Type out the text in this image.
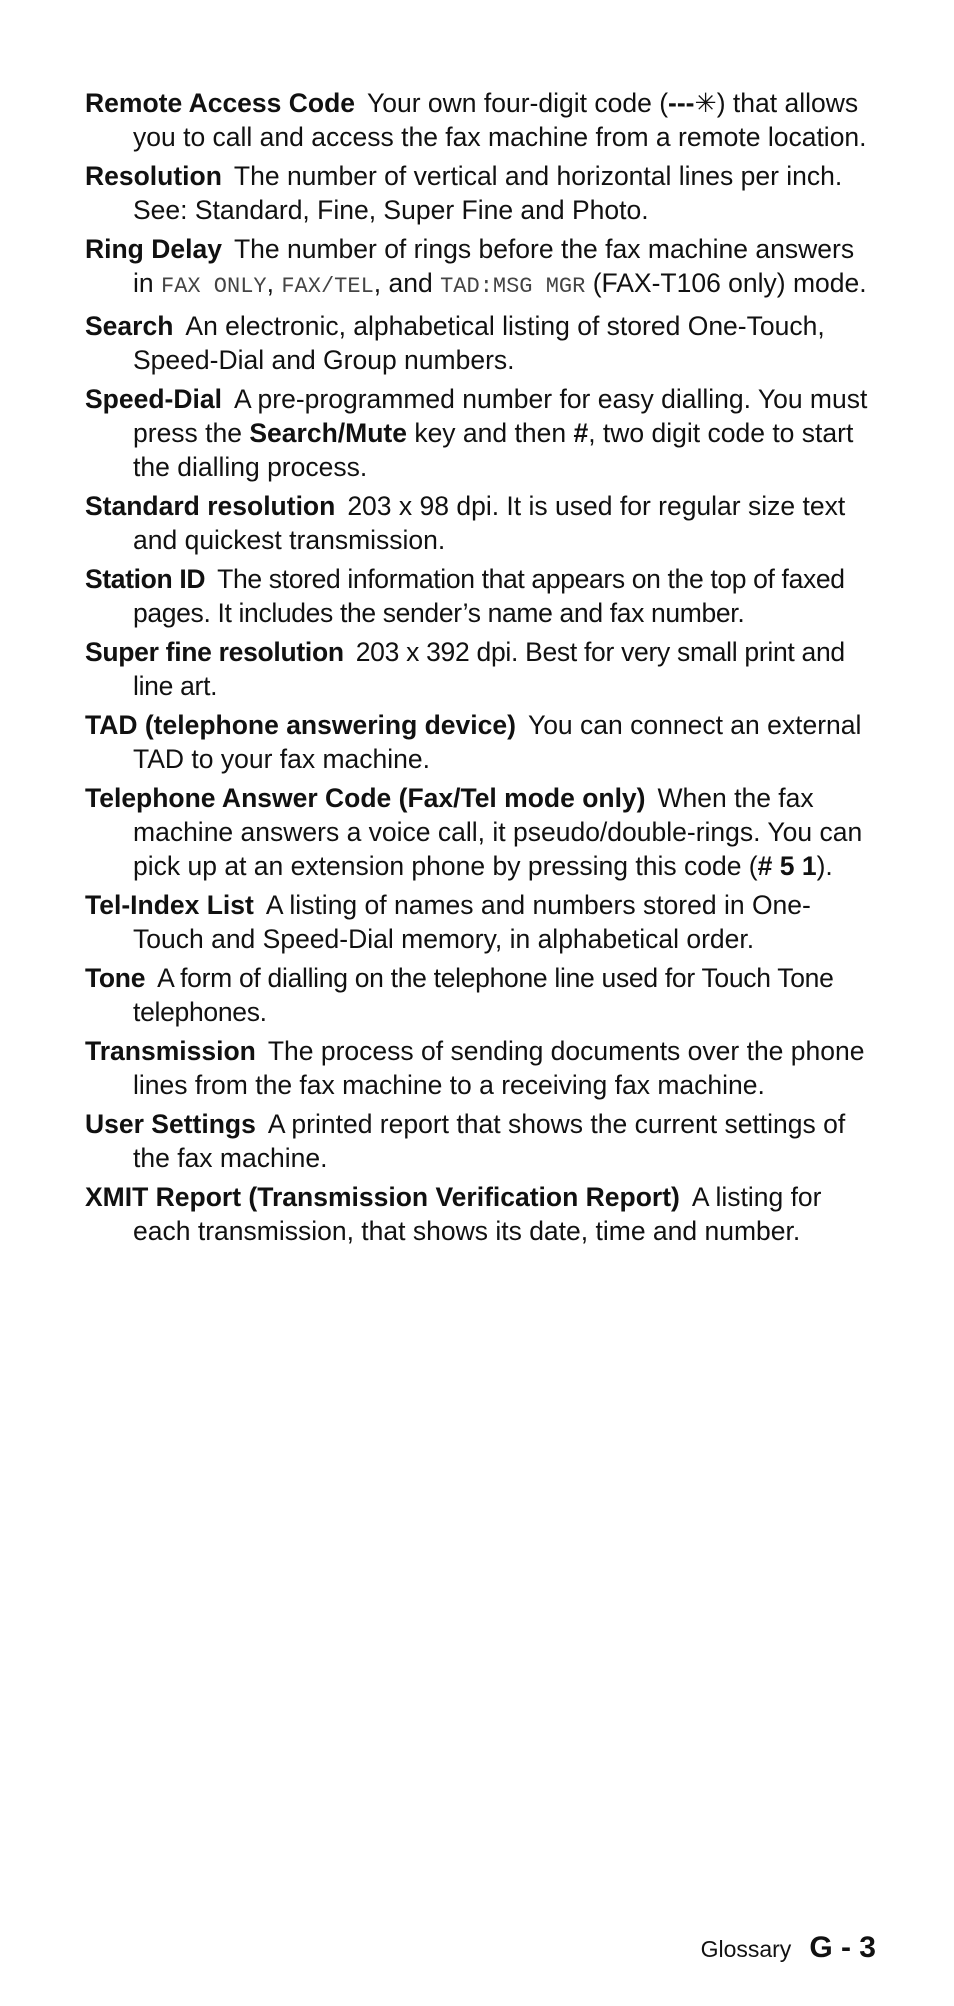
Remote Access Code Your own four-digit code (---✳) that allows you to call and access the fax machine from a remote location.

Resolution The number of vertical and horizontal lines per inch. See: Standard, Fine, Super Fine and Photo.

Ring Delay The number of rings before the fax machine answers in FAX ONLY, FAX/TEL, and TAD:MSG MGR (FAX-T106 only) mode.

Search An electronic, alphabetical listing of stored One-Touch, Speed-Dial and Group numbers.

Speed-Dial A pre-programmed number for easy dialling. You must press the Search/Mute key and then #, two digit code to start the dialling process.

Standard resolution 203 x 98 dpi. It is used for regular size text and quickest transmission.

Station ID The stored information that appears on the top of faxed pages. It includes the sender’s name and fax number.

Super fine resolution 203 x 392 dpi. Best for very small print and line art.

TAD (telephone answering device) You can connect an external TAD to your fax machine.

Telephone Answer Code (Fax/Tel mode only) When the fax machine answers a voice call, it pseudo/double-rings. You can pick up at an extension phone by pressing this code (# 5 1).

Tel-Index List A listing of names and numbers stored in One-Touch and Speed-Dial memory, in alphabetical order.

Tone A form of dialling on the telephone line used for Touch Tone telephones.

Transmission The process of sending documents over the phone lines from the fax machine to a receiving fax machine.

User Settings A printed report that shows the current settings of the fax machine.

XMIT Report (Transmission Verification Report) A listing for each transmission, that shows its date, time and number.

Glossary G - 3
